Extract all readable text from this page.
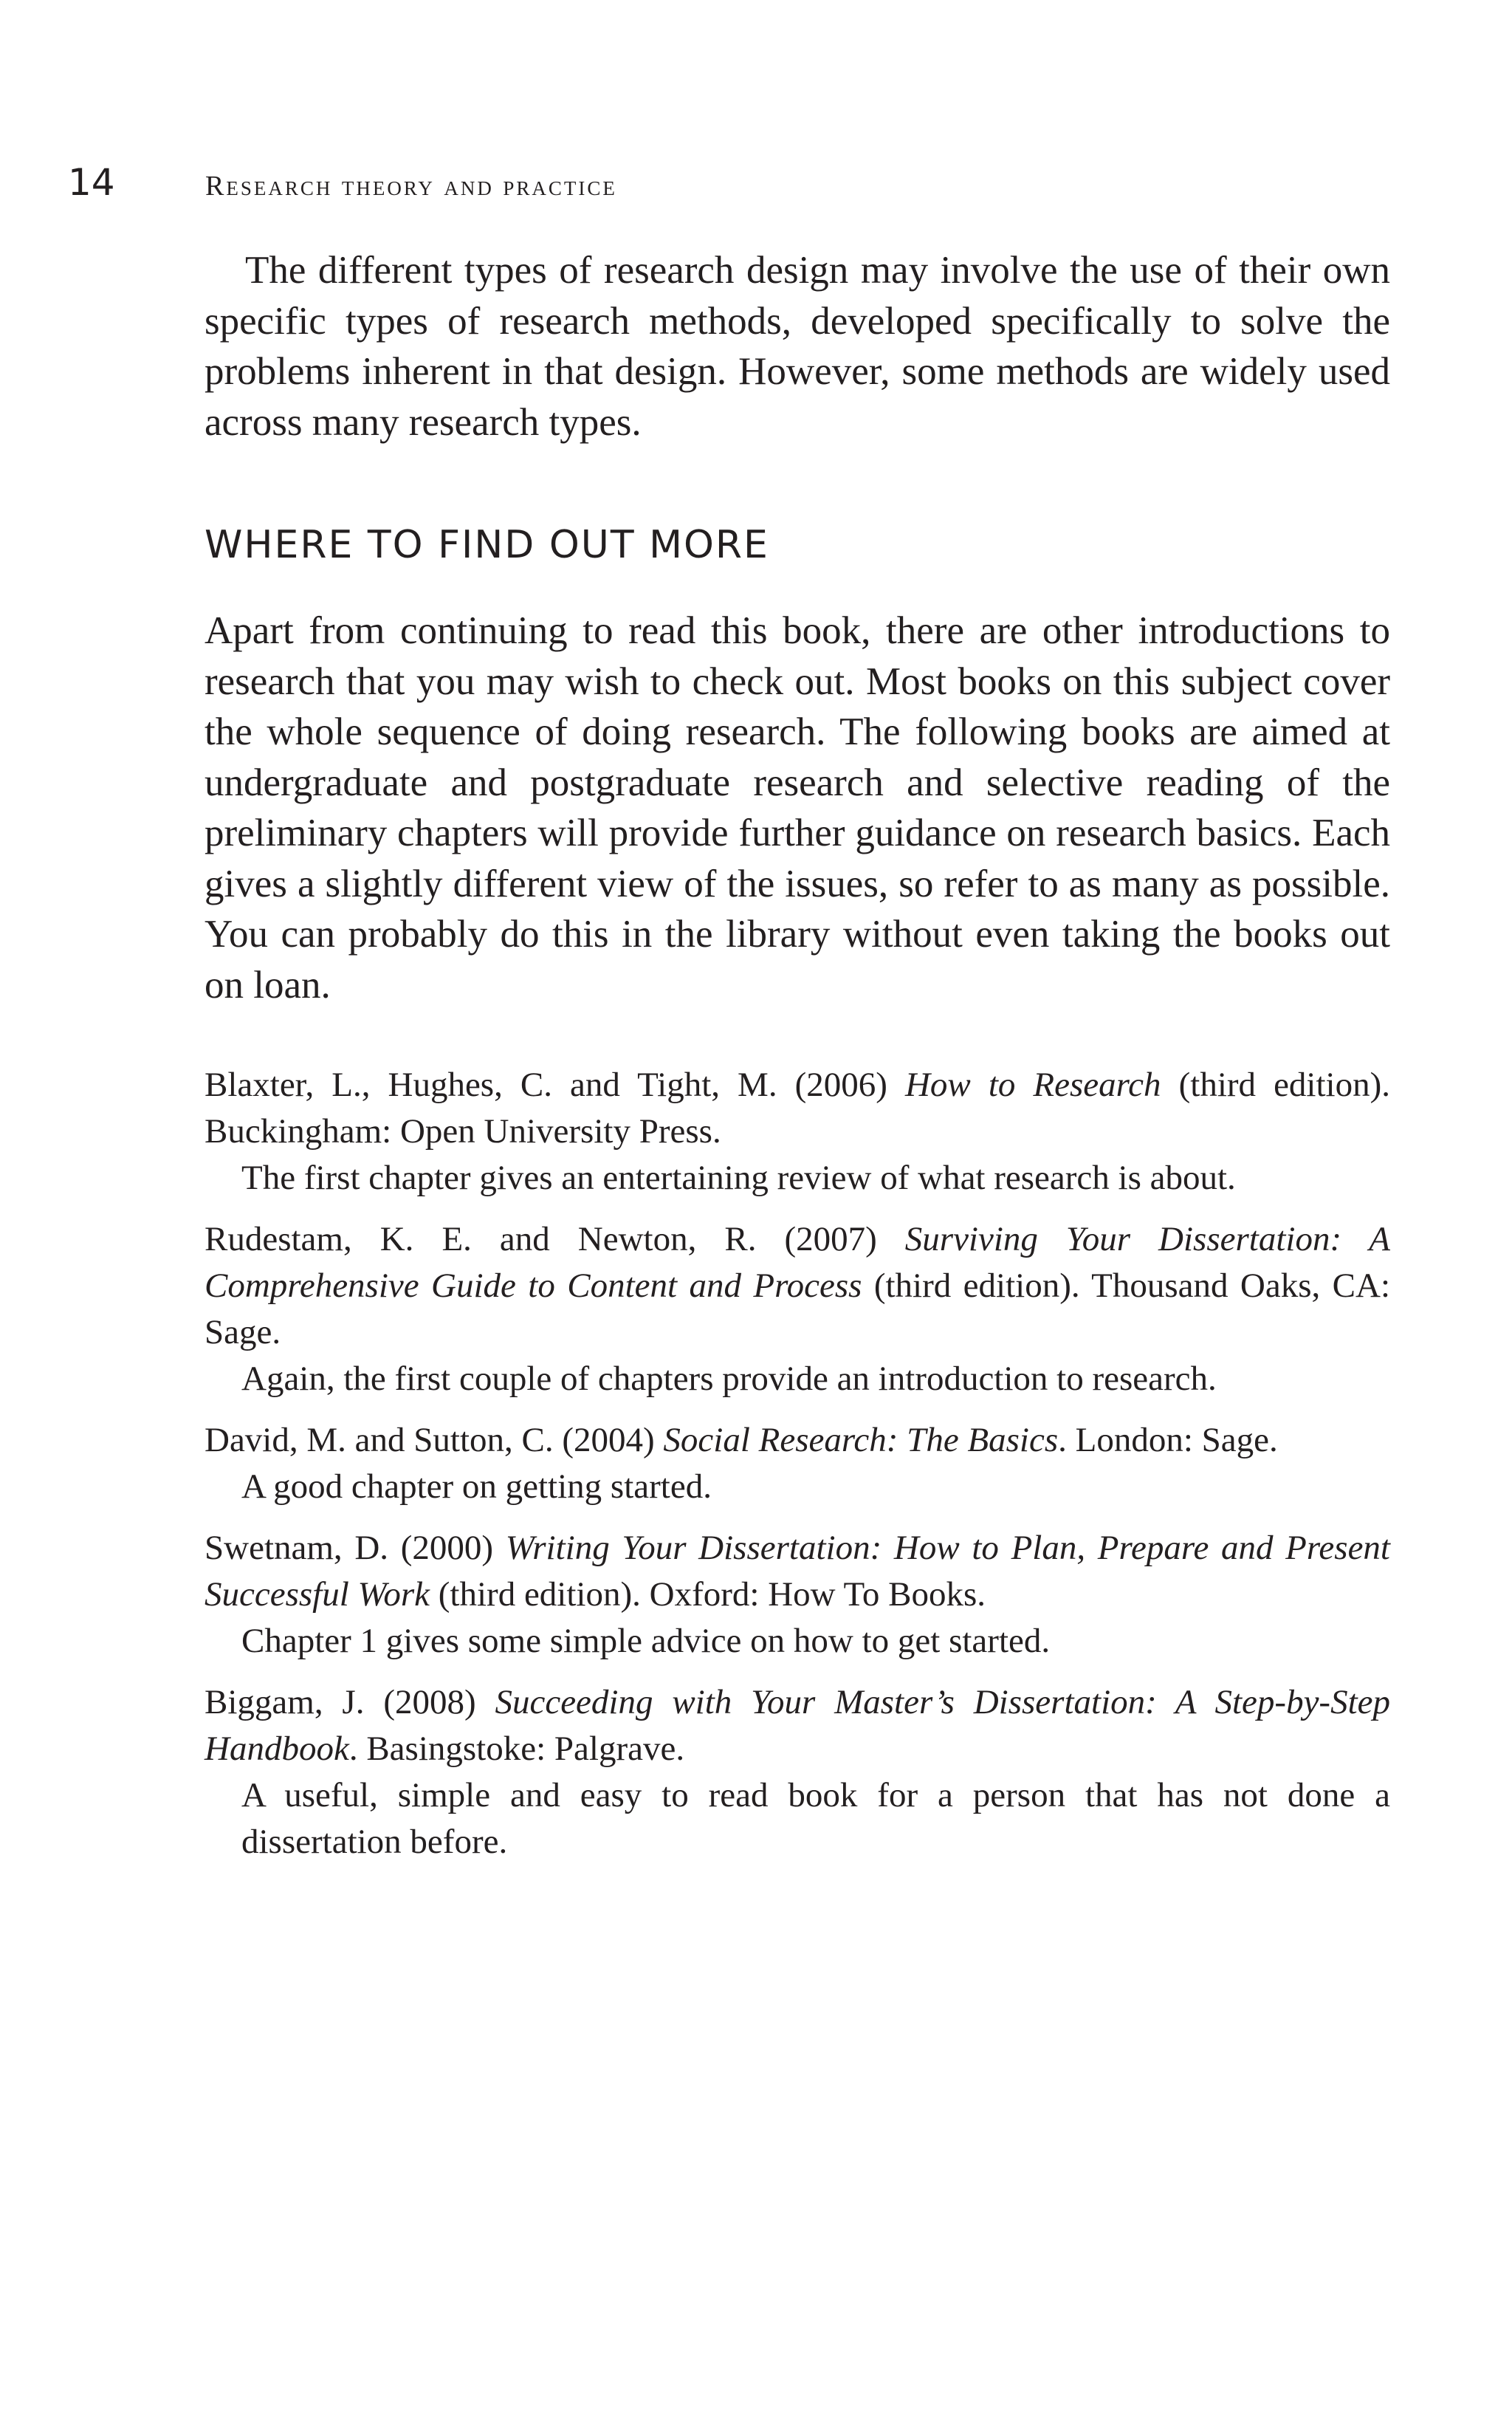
14	Research theory and practice

The different types of research design may involve the use of their own specific types of research methods, developed specifically to solve the problems inherent in that design. However, some methods are widely used across many research types.

WHERE TO FIND OUT MORE

Apart from continuing to read this book, there are other introductions to research that you may wish to check out. Most books on this subject cover the whole sequence of doing research. The following books are aimed at undergraduate and postgraduate research and selective reading of the preliminary chapters will provide further guidance on research basics. Each gives a slightly different view of the issues, so refer to as many as possible. You can probably do this in the library without even taking the books out on loan.

Blaxter, L., Hughes, C. and Tight, M. (2006) How to Research (third edition). Buckingham: Open University Press.

The first chapter gives an entertaining review of what research is about.

Rudestam, K. E. and Newton, R. (2007) Surviving Your Dissertation: A Comprehensive Guide to Content and Process (third edition). Thousand Oaks, CA: Sage.

Again, the first couple of chapters provide an introduction to research.

David, M. and Sutton, C. (2004) Social Research: The Basics. London: Sage.

A good chapter on getting started.

Swetnam, D. (2000) Writing Your Dissertation: How to Plan, Prepare and Present Successful Work (third edition). Oxford: How To Books.

Chapter 1 gives some simple advice on how to get started.

Biggam, J. (2008) Succeeding with Your Master’s Dissertation: A Step-by-Step Handbook. Basingstoke: Palgrave.

A useful, simple and easy to read book for a person that has not done a dissertation before.
